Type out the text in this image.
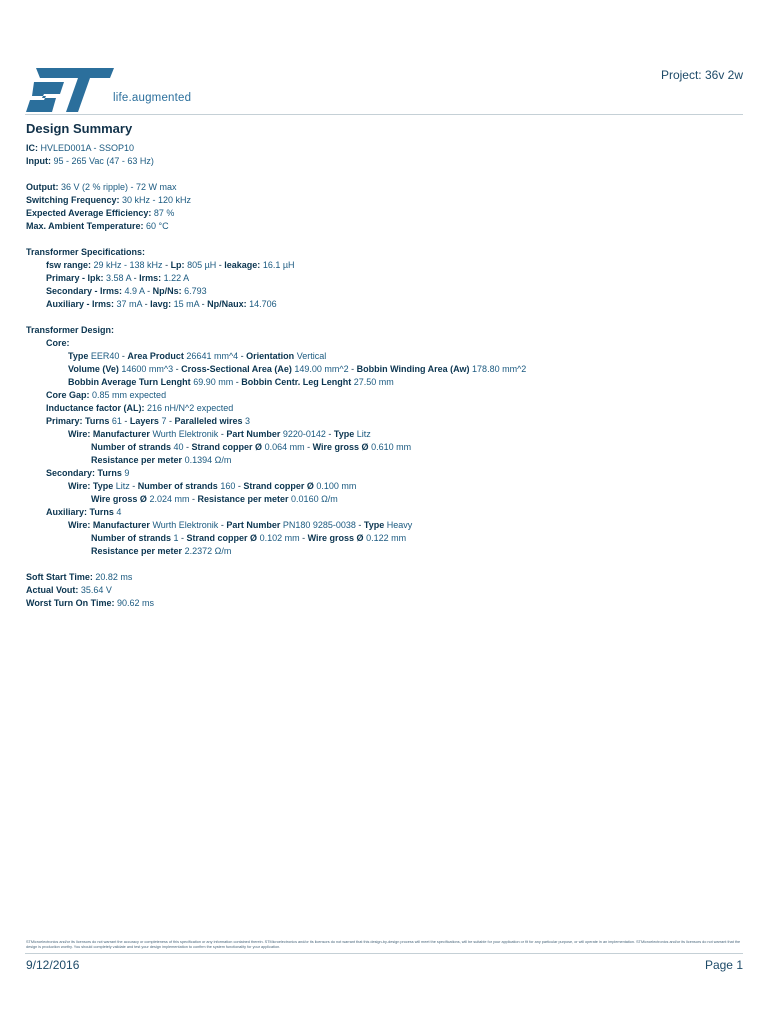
life.augmented
Project: 36v 2w
Design Summary
IC: HVLED001A - SSOP10
Input: 95 - 265 Vac (47 - 63 Hz)
Output: 36 V (2 % ripple) - 72 W max
Switching Frequency: 30 kHz - 120 kHz
Expected Average Efficiency: 87 %
Max. Ambient Temperature: 60 °C
Transformer Specifications:
fsw range: 29 kHz - 138 kHz - Lp: 805 µH - leakage: 16.1 µH
Primary - Ipk: 3.58 A - Irms: 1.22 A
Secondary - Irms: 4.9 A - Np/Ns: 6.793
Auxiliary - Irms: 37 mA - Iavg: 15 mA - Np/Naux: 14.706
Transformer Design:
Core:
Type EER40 - Area Product 26641 mm^4 - Orientation Vertical
Volume (Ve) 14600 mm^3 - Cross-Sectional Area (Ae) 149.00 mm^2 - Bobbin Winding Area (Aw) 178.80 mm^2
Bobbin Average Turn Lenght 69.90 mm - Bobbin Centr. Leg Lenght 27.50 mm
Core Gap: 0.85 mm expected
Inductance factor (AL): 216 nH/N^2 expected
Primary: Turns 61 - Layers 7 - Paralleled wires 3
Wire: Manufacturer Wurth Elektronik - Part Number 9220-0142 - Type Litz
Number of strands 40 - Strand copper Ø 0.064 mm - Wire gross Ø 0.610 mm
Resistance per meter 0.1394 Ω/m
Secondary: Turns 9
Wire: Type Litz - Number of strands 160 - Strand copper Ø 0.100 mm
Wire gross Ø 2.024 mm - Resistance per meter 0.0160 Ω/m
Auxiliary: Turns 4
Wire: Manufacturer Wurth Elektronik - Part Number PN180 9285-0038 - Type Heavy
Number of strands 1 - Strand copper Ø 0.102 mm - Wire gross Ø 0.122 mm
Resistance per meter 2.2372 Ω/m
Soft Start Time: 20.82 ms
Actual Vout: 35.64 V
Worst Turn On Time: 90.62 ms
STMicroelectronics and/or its licensors do not warrant the accuracy or completeness of this specification or any information contained therein. STMicroelectronics and/or its licensors do not warrant that this design-by-design process will meet the specifications, will be suitable for your application or fit for any particular purpose, or will operate in an implementation. STMicroelectronics and/or its licensors do not warrant that the design is production worthy. You should completely validate and test your design implementation to confirm the system functionality for your application.
9/12/2016	Page 1
